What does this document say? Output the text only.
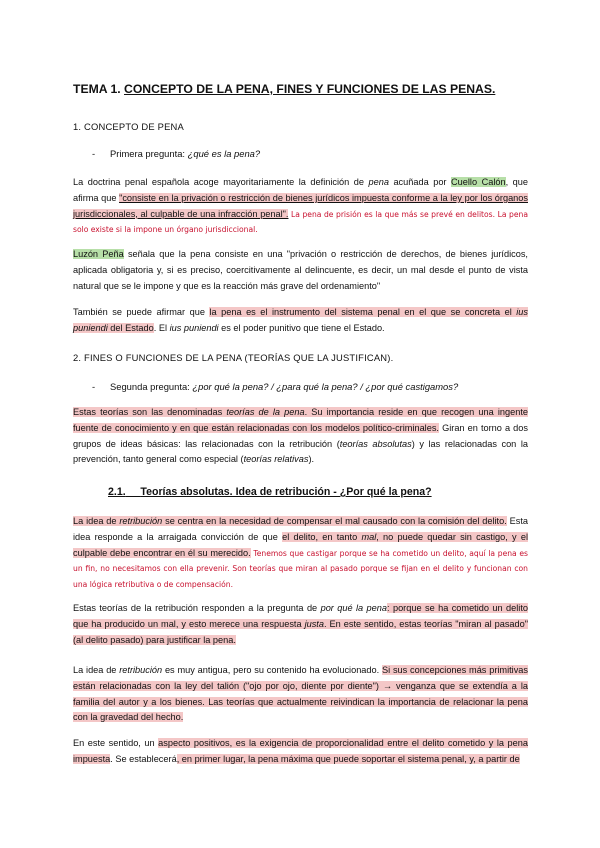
TEMA 1. CONCEPTO DE LA PENA, FINES Y FUNCIONES DE LAS PENAS.
1. CONCEPTO DE PENA
- Primera pregunta: ¿qué es la pena?
La doctrina penal española acoge mayoritariamente la definición de pena acuñada por Cuello Calón, que afirma que "consiste en la privación o restricción de bienes jurídicos impuesta conforme a la ley por los órganos jurisdiccionales, al culpable de una infracción penal". La pena de prisión es la que más se prevé en delitos. La pena solo existe si la impone un órgano jurisdiccional.
Luzón Peña señala que la pena consiste en una "privación o restricción de derechos, de bienes jurídicos, aplicada obligatoria y, si es preciso, coercitivamente al delincuente, es decir, un mal desde el punto de vista natural que se le impone y que es la reacción más grave del ordenamiento"
También se puede afirmar que la pena es el instrumento del sistema penal en el que se concreta el ius puniendi del Estado. El ius puniendi es el poder punitivo que tiene el Estado.
2. FINES O FUNCIONES DE LA PENA (TEORÍAS QUE LA JUSTIFICAN).
- Segunda pregunta: ¿por qué la pena? / ¿para qué la pena? / ¿por qué castigamos?
Estas teorías son las denominadas teorías de la pena. Su importancia reside en que recogen una ingente fuente de conocimiento y en que están relacionadas con los modelos político-criminales. Giran en torno a dos grupos de ideas básicas: las relacionadas con la retribución (teorías absolutas) y las relacionadas con la prevención, tanto general como especial (teorías relativas).
2.1. Teorías absolutas. Idea de retribución - ¿Por qué la pena?
La idea de retribución se centra en la necesidad de compensar el mal causado con la comisión del delito. Esta idea responde a la arraigada convicción de que el delito, en tanto mal, no puede quedar sin castigo, y el culpable debe encontrar en él su merecido. Tenemos que castigar porque se ha cometido un delito, aquí la pena es un fin, no necesitamos con ella prevenir. Son teorías que miran al pasado porque se fijan en el delito y funcionan con una lógica retributiva o de compensación.
Estas teorías de la retribución responden a la pregunta de por qué la pena: porque se ha cometido un delito que ha producido un mal, y esto merece una respuesta justa. En este sentido, estas teorías "miran al pasado" (al delito pasado) para justificar la pena.
La idea de retribución es muy antigua, pero su contenido ha evolucionado. Si sus concepciones más primitivas están relacionadas con la ley del talión ("ojo por ojo, diente por diente") → venganza que se extendía a la familia del autor y a los bienes. Las teorías que actualmente reivindican la importancia de relacionar la pena con la gravedad del hecho.
En este sentido, un aspecto positivos, es la exigencia de proporcionalidad entre el delito cometido y la pena impuesta. Se establecerá, en primer lugar, la pena máxima que puede soportar el sistema penal, y, a partir de
